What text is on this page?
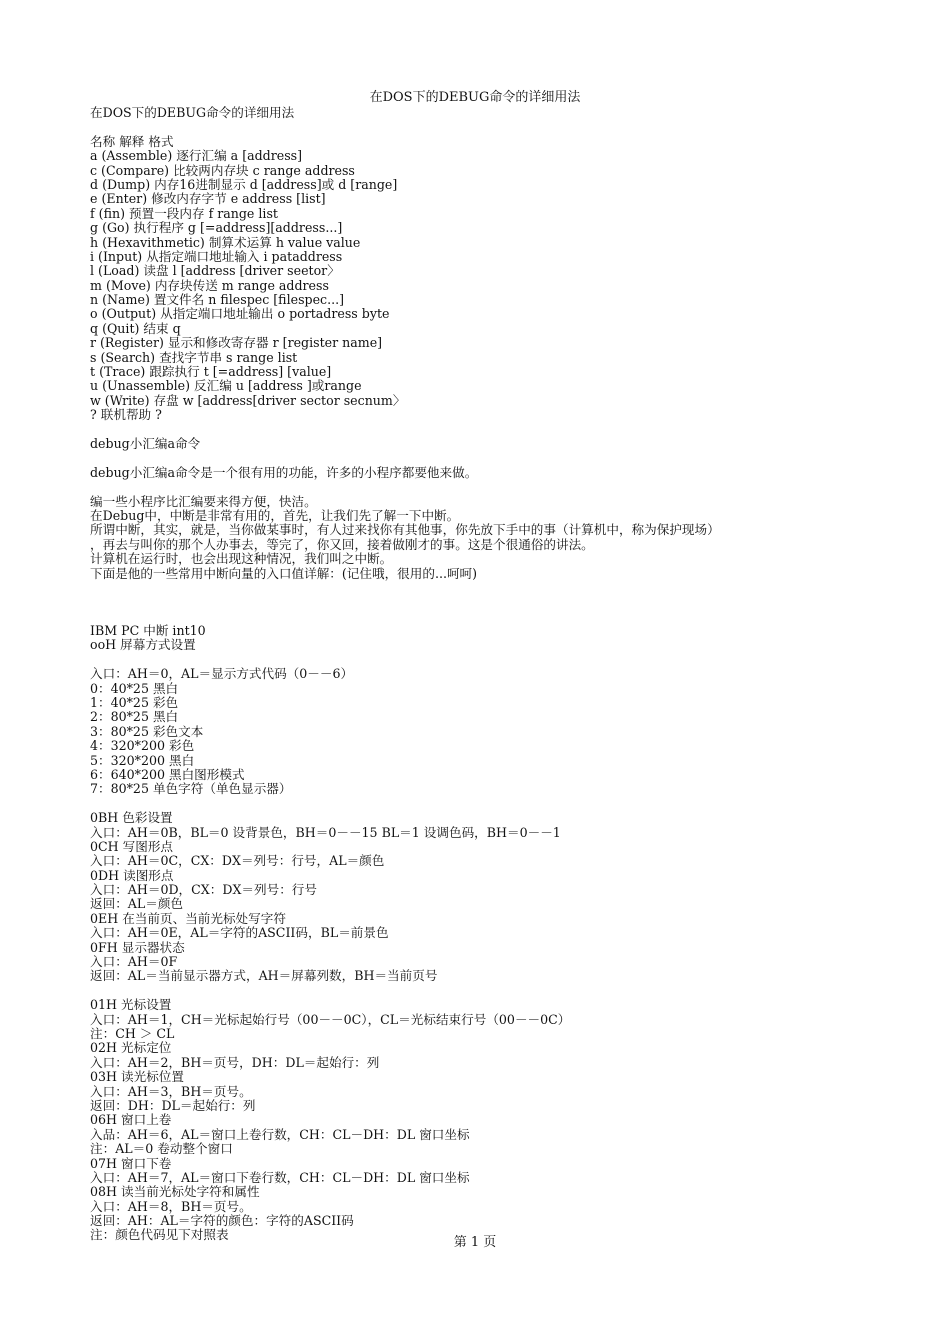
在DOS下的DEBUG命令的详细用法
在DOS下的DEBUG命令的详细用法
名称 解释 格式
a (Assemble) 逐行汇编 a [address]
c (Compare) 比较两内存块 c range address
d (Dump) 内存16进制显示 d [address]或 d [range]
e (Enter) 修改内存字节 e address [list]
f (fin) 预置一段内存 f range list
g (Go) 执行程序 g [=address][address...]
h (Hexavithmetic) 制算术运算 h value value
i (Input) 从指定端口地址输入 i pataddress
l (Load) 读盘 l [address [driver seetor〉
m (Move) 内存块传送 m range address
n (Name) 置文件名 n filespec [filespec...]
o (Output) 从指定端口地址输出 o portadress byte
q (Quit) 结束 q
r (Register) 显示和修改寄存器 r [register name]
s (Search) 查找字节串 s range list
t (Trace) 跟踪执行 t [=address] [value]
u (Unassemble) 反汇编 u [address ]或range
w (Write) 存盘 w [address[driver sector secnum〉
? 联机帮助 ?
debug小汇编a命令
debug小汇编a命令是一个很有用的功能，许多的小程序都要他来做。
编一些小程序比汇编要来得方便，快洁。
在Debug中，中断是非常有用的，首先，让我们先了解一下中断。
所谓中断，其实，就是，当你做某事时，有人过来找你有其他事，你先放下手中的事（计算机中，称为保护现场）
，再去与叫你的那个人办事去，等完了，你又回，接着做刚才的事。这是个很通俗的讲法。
计算机在运行时，也会出现这种情况，我们叫之中断。
下面是他的一些常用中断向量的入口值详解：(记住哦，很用的...呵呵)
IBM PC 中断 int10
ooH 屏幕方式设置
入口：AH＝0，AL＝显示方式代码（0－－6）
0：40*25 黑白
1：40*25 彩色
2：80*25 黑白
3：80*25 彩色文本
4：320*200 彩色
5：320*200 黑白
6：640*200 黑白图形模式
7：80*25 单色字符（单色显示器）
0BH 色彩设置
入口：AH＝0B，BL＝0 设背景色，BH＝0－－15 BL＝1 设调色码，BH＝0－－1
0CH 写图形点
入口：AH＝0C，CX：DX＝列号：行号，AL＝颜色
0DH 读图形点
入口：AH＝0D，CX：DX＝列号：行号
返回：AL＝颜色
0EH 在当前页、当前光标处写字符
入口：AH＝0E，AL＝字符的ASCII码，BL＝前景色
0FH 显示器状态
入口：AH＝0F
返回：AL＝当前显示器方式，AH＝屏幕列数，BH＝当前页号
01H 光标设置
入口：AH＝1，CH＝光标起始行号（00－－0C），CL＝光标结束行号（00－－0C）
注：CH ＞ CL
02H 光标定位
入口：AH＝2，BH＝页号，DH：DL＝起始行：列
03H 读光标位置
入口：AH＝3，BH＝页号。
返回：DH：DL＝起始行：列
06H 窗口上卷
入品：AH＝6，AL＝窗口上卷行数，CH：CL－DH：DL 窗口坐标
注：AL＝0 卷动整个窗口
07H 窗口下卷
入口：AH＝7，AL＝窗口下卷行数，CH：CL－DH：DL 窗口坐标
08H 读当前光标处字符和属性
入口：AH＝8，BH＝页号。
返回：AH：AL＝字符的颜色：字符的ASCII码
注：颜色代码见下对照表
第 1 页
